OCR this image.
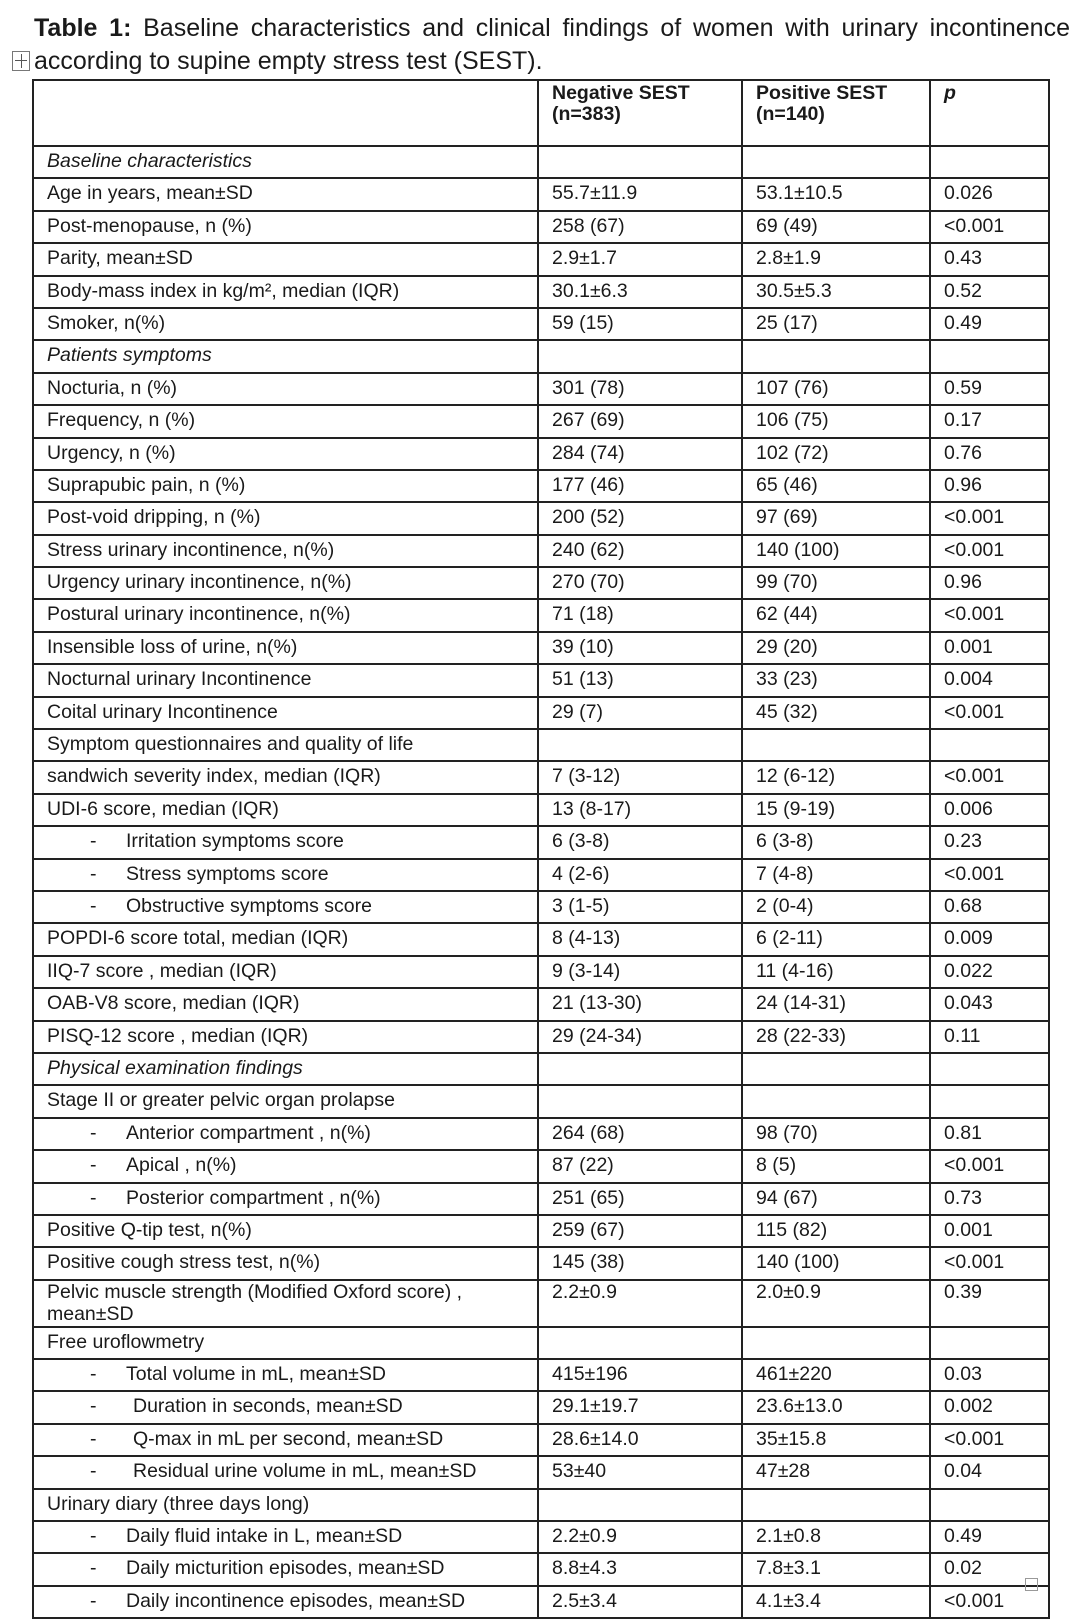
Table 1: Baseline characteristics and clinical findings of women with urinary incontinence
according to supine empty stress test (SEST).
	Negative SEST (n=383)	Positive SEST (n=140)	p
Baseline characteristics			
Age in years, mean±SD	55.7±11.9	53.1±10.5	0.026
Post-menopause, n (%)	258 (67)	69 (49)	<0.001
Parity, mean±SD	2.9±1.7	2.8±1.9	0.43
Body-mass index in kg/m², median (IQR)	30.1±6.3	30.5±5.3	0.52
Smoker, n(%)	59 (15)	25 (17)	0.49
Patients symptoms			
Nocturia, n (%)	301 (78)	107 (76)	0.59
Frequency, n (%)	267 (69)	106 (75)	0.17
Urgency, n (%)	284 (74)	102 (72)	0.76
Suprapubic pain, n (%)	177 (46)	65 (46)	0.96
Post-void dripping, n (%)	200 (52)	97 (69)	<0.001
Stress urinary incontinence, n(%)	240 (62)	140 (100)	<0.001
Urgency urinary incontinence, n(%)	270 (70)	99 (70)	0.96
Postural urinary incontinence, n(%)	71 (18)	62 (44)	<0.001
Insensible loss of urine, n(%)	39 (10)	29 (20)	0.001
Nocturnal urinary Incontinence	51 (13)	33 (23)	0.004
Coital urinary Incontinence	29 (7)	45 (32)	<0.001
Symptom questionnaires and quality of life			
sandwich severity index, median (IQR)	7 (3-12)	12 (6-12)	<0.001
UDI-6 score, median (IQR)	13 (8-17)	15 (9-19)	0.006

- Irritation symptoms score	6 (3-8)	6 (3-8)	0.23

- Stress symptoms score	4 (2-6)	7 (4-8)	<0.001

- Obstructive symptoms score	3 (1-5)	2 (0-4)	0.68
POPDI-6 score total, median (IQR)	8 (4-13)	6 (2-11)	0.009
IIQ-7 score , median (IQR)	9 (3-14)	11 (4-16)	0.022
OAB-V8 score, median (IQR)	21 (13-30)	24 (14-31)	0.043
PISQ-12 score , median (IQR)	29 (24-34)	28 (22-33)	0.11
Physical examination findings			
Stage II or greater pelvic organ prolapse			

- Anterior compartment , n(%)	264 (68)	98 (70)	0.81

- Apical , n(%)	87 (22)	8 (5)	<0.001

- Posterior compartment , n(%)	251 (65)	94 (67)	0.73
Positive Q-tip test, n(%)	259 (67)	115 (82)	0.001
Positive cough stress test, n(%)	145 (38)	140 (100)	<0.001
Pelvic muscle strength (Modified Oxford score) , mean±SD	2.2±0.9	2.0±0.9	0.39
Free uroflowmetry			

- Total volume in mL, mean±SD	415±196	461±220	0.03

- Duration in seconds, mean±SD	29.1±19.7	23.6±13.0	0.002

- Q-max in mL per second, mean±SD	28.6±14.0	35±15.8	<0.001

- Residual urine volume in mL, mean±SD	53±40	47±28	0.04
Urinary diary (three days long)			

- Daily fluid intake in L, mean±SD	2.2±0.9	2.1±0.8	0.49

- Daily micturition episodes, mean±SD	8.8±4.3	7.8±3.1	0.02

- Daily incontinence episodes, mean±SD	2.5±3.4	4.1±3.4	<0.001
